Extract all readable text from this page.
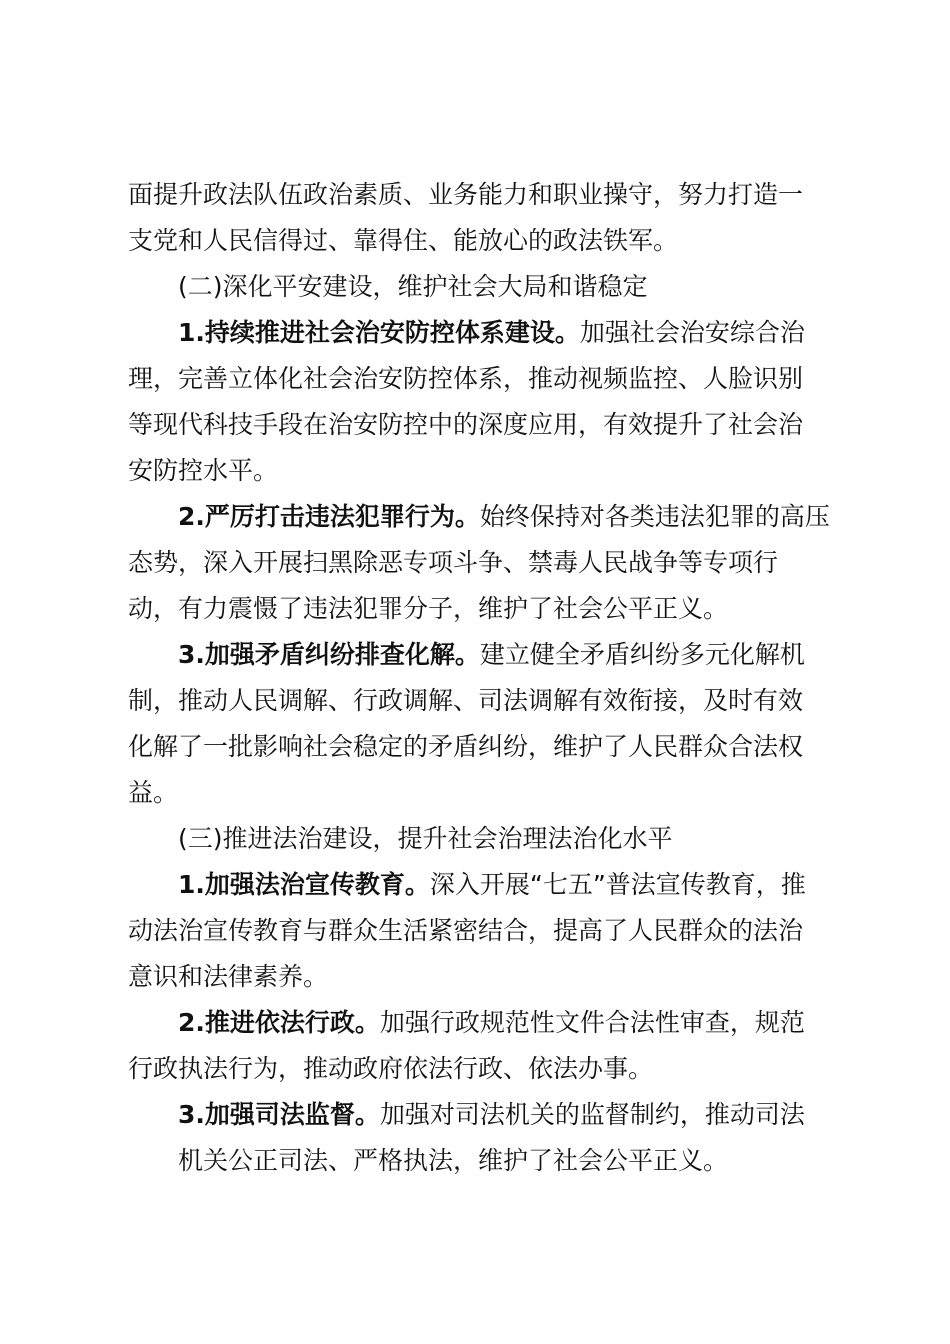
面提升政法队伍政治素质、业务能力和职业操守，努力打造一
支党和人民信得过、靠得住、能放心的政法铁军。
(二)深化平安建设，维护社会大局和谐稳定
1.持续推进社会治安防控体系建设。加强社会治安综合治
理，完善立体化社会治安防控体系，推动视频监控、人脸识别
等现代科技手段在治安防控中的深度应用，有效提升了社会治
安防控水平。
2.严厉打击违法犯罪行为。始终保持对各类违法犯罪的高压
态势，深入开展扫黑除恶专项斗争、禁毒人民战争等专项行
动，有力震慑了违法犯罪分子，维护了社会公平正义。
3.加强矛盾纠纷排查化解。建立健全矛盾纠纷多元化解机
制，推动人民调解、行政调解、司法调解有效衔接，及时有效
化解了一批影响社会稳定的矛盾纠纷，维护了人民群众合法权
益。
(三)推进法治建设，提升社会治理法治化水平
1.加强法治宣传教育。深入开展“七五”普法宣传教育，推
动法治宣传教育与群众生活紧密结合，提高了人民群众的法治
意识和法律素养。
2.推进依法行政。加强行政规范性文件合法性审查，规范
行政执法行为，推动政府依法行政、依法办事。
3.加强司法监督。加强对司法机关的监督制约，推动司法
机关公正司法、严格执法，维护了社会公平正义。
